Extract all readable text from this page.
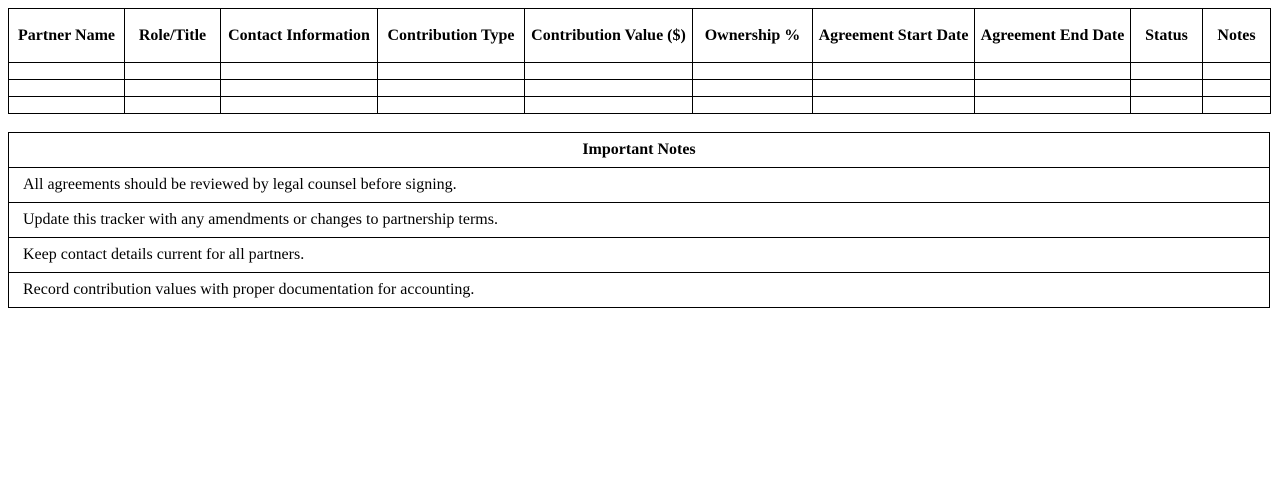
Partner Name	Role/Title	Contact Information	Contribution Type	Contribution Value ($)	Ownership %	Agreement Start Date	Agreement End Date	Status	Notes

Important Notes
All agreements should be reviewed by legal counsel before signing.
Update this tracker with any amendments or changes to partnership terms.
Keep contact details current for all partners.
Record contribution values with proper documentation for accounting.
